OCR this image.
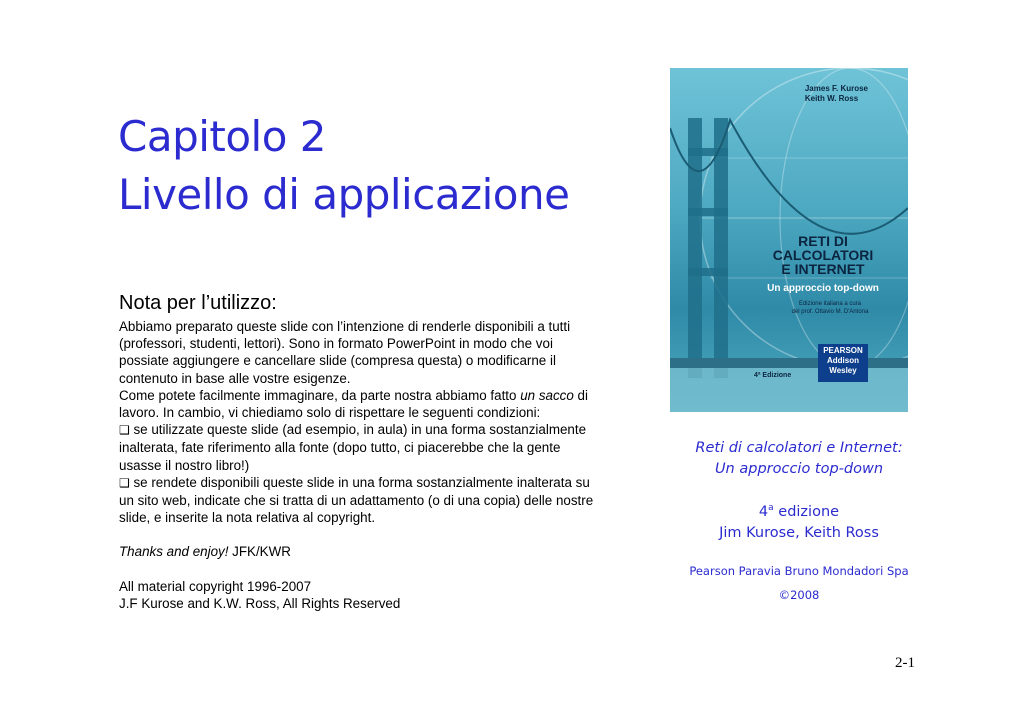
Capitolo 2
Livello di applicazione
Nota per l’utilizzo:

Abbiamo preparato queste slide con l’intenzione di renderle disponibili a tutti (professori, studenti, lettori). Sono in formato PowerPoint in modo che voi possiate aggiungere e cancellare slide (compresa questa) o modificarne il contenuto in base alle vostre esigenze.

Come potete facilmente immaginare, da parte nostra abbiamo fatto un sacco di lavoro. In cambio, vi chiediamo solo di rispettare le seguenti condizioni:

❑ se utilizzate queste slide (ad esempio, in aula) in una forma sostanzialmente inalterata, fate riferimento alla fonte (dopo tutto, ci piacerebbe che la gente usasse il nostro libro!)

❑ se rendete disponibili queste slide in una forma sostanzialmente inalterata su un sito web, indicate che si tratta di un adattamento (o di una copia) delle nostre slide, e inserite la nota relativa al copyright.

Thanks and enjoy! JFK/KWR

All material copyright 1996-2007

J.F Kurose and K.W. Ross, All Rights Reserved

James F. Kurose
Keith W. Ross
RETI DI
CALCOLATORI
E INTERNET
Un approccio top-down
Edizione italiana a cura
del prof. Ottavio M. D'Antona
PEARSON
Addison Wesley
4ª Edizione
Reti di calcolatori e Internet:
Un approccio top-down
4$^a$ edizione
Jim Kurose, Keith Ross
Pearson Paravia Bruno Mondadori Spa
©2008
2-1
